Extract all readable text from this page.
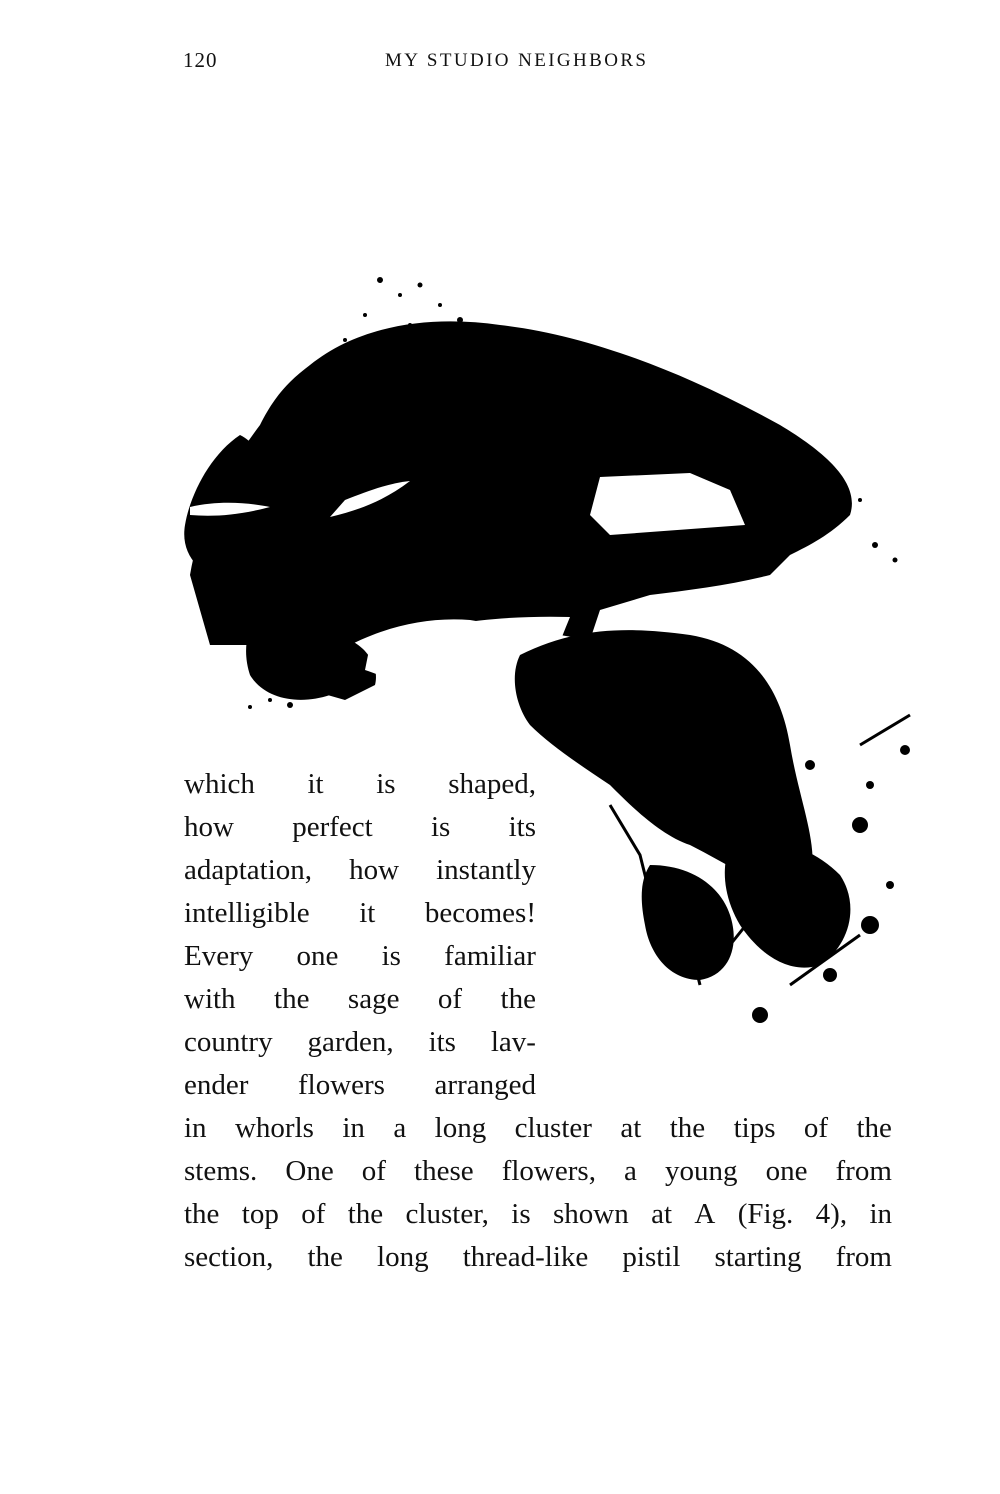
120	MY STUDIO NEIGHBORS
which it is shaped,
how perfect is its
adaptation, how instantly
intelligible it becomes!
Every one is familiar
with the sage of the
country garden, its lav-
ender flowers arranged
in whorls in a long cluster at the tips of the
stems. One of these flowers, a young one from
the top of the cluster, is shown at A (Fig. 4), in
section, the long thread-like pistil starting from
